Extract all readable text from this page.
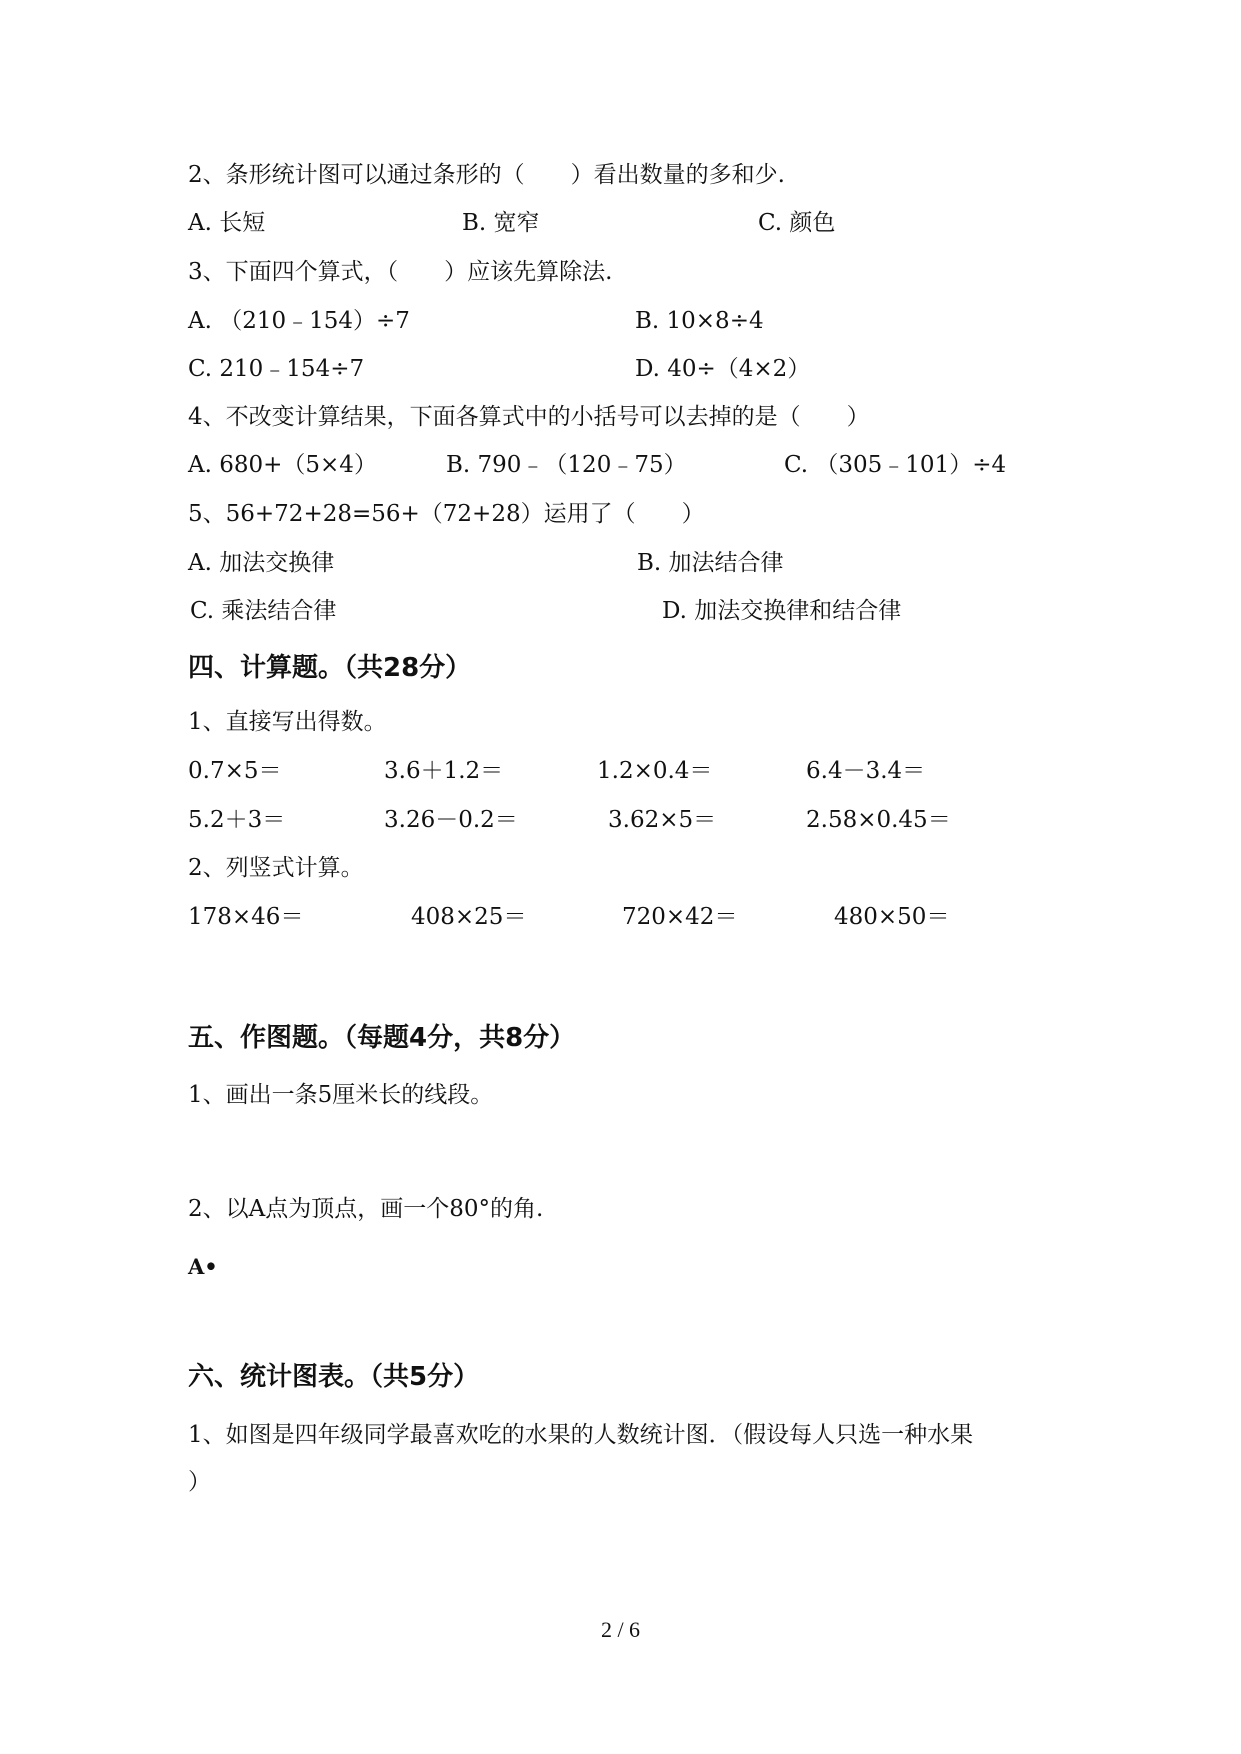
2、条形统计图可以通过条形的（　　）看出数量的多和少.
A. 长短	B. 宽窄	C. 颜色
3、下面四个算式，（　　）应该先算除法.
A. （210﹣154）÷7	B. 10×8÷4
C. 210﹣154÷7	D. 40÷（4×2）
4、不改变计算结果，下面各算式中的小括号可以去掉的是（　　）
A. 680+（5×4）	B. 790﹣（120﹣75）	C. （305﹣101）÷4
5、56+72+28=56+（72+28）运用了（　　）
A. 加法交换律	B. 加法结合律
C. 乘法结合律	D. 加法交换律和结合律
四、计算题。（共28分）
1、直接写出得数。
0.7×5＝	3.6＋1.2＝	1.2×0.4＝	6.4－3.4＝
5.2＋3＝	3.26－0.2＝	3.62×5＝	2.58×0.45＝
2、列竖式计算。
178×46＝	408×25＝	720×42＝	480×50＝
五、作图题。（每题4分，共8分）
1、画出一条5厘米长的线段。
2、以A点为顶点，画一个80°的角.
A•
六、统计图表。（共5分）
1、如图是四年级同学最喜欢吃的水果的人数统计图．（假设每人只选一种水果
）
2 / 6
